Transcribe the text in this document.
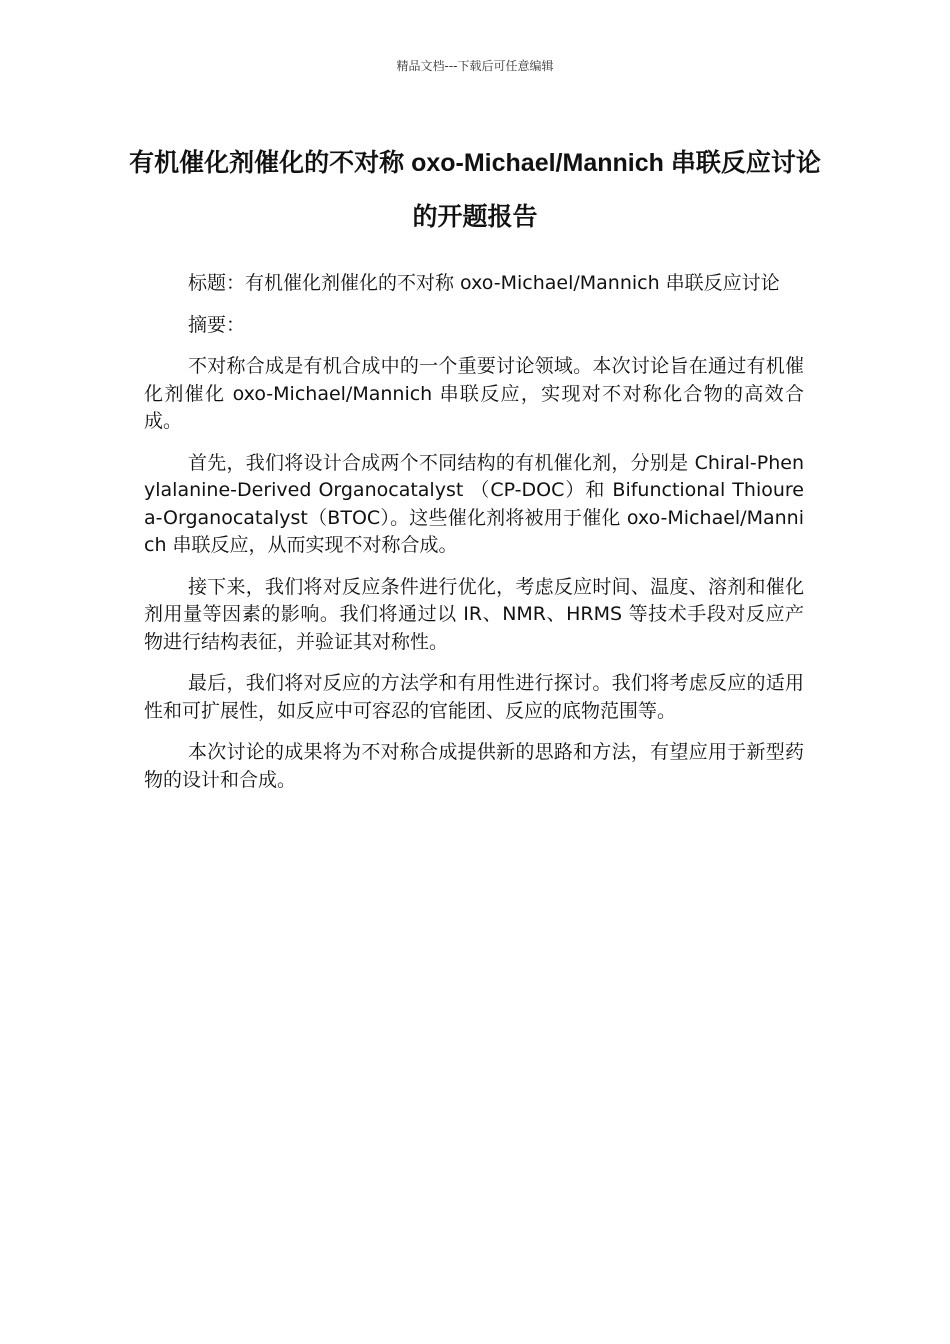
精品文档---下载后可任意编辑
有机催化剂催化的不对称 oxo-Michael/Mannich 串联反应讨论的开题报告

标题：有机催化剂催化的不对称 oxo-Michael/Mannich 串联反应讨论

摘要：

不对称合成是有机合成中的一个重要讨论领域。本次讨论旨在通过有机催化剂催化 oxo-Michael/Mannich 串联反应，实现对不对称化合物的高效合成。

首先，我们将设计合成两个不同结构的有机催化剂，分别是 Chiral-Phenylalanine-Derived Organocatalyst （CP-DOC）和 Bifunctional Thiourea-Organocatalyst（BTOC）。这些催化剂将被用于催化 oxo-Michael/Mannich 串联反应，从而实现不对称合成。

接下来，我们将对反应条件进行优化，考虑反应时间、温度、溶剂和催化剂用量等因素的影响。我们将通过以 IR、NMR、HRMS 等技术手段对反应产物进行结构表征，并验证其对称性。

最后，我们将对反应的方法学和有用性进行探讨。我们将考虑反应的适用性和可扩展性，如反应中可容忍的官能团、反应的底物范围等。

本次讨论的成果将为不对称合成提供新的思路和方法，有望应用于新型药物的设计和合成。
